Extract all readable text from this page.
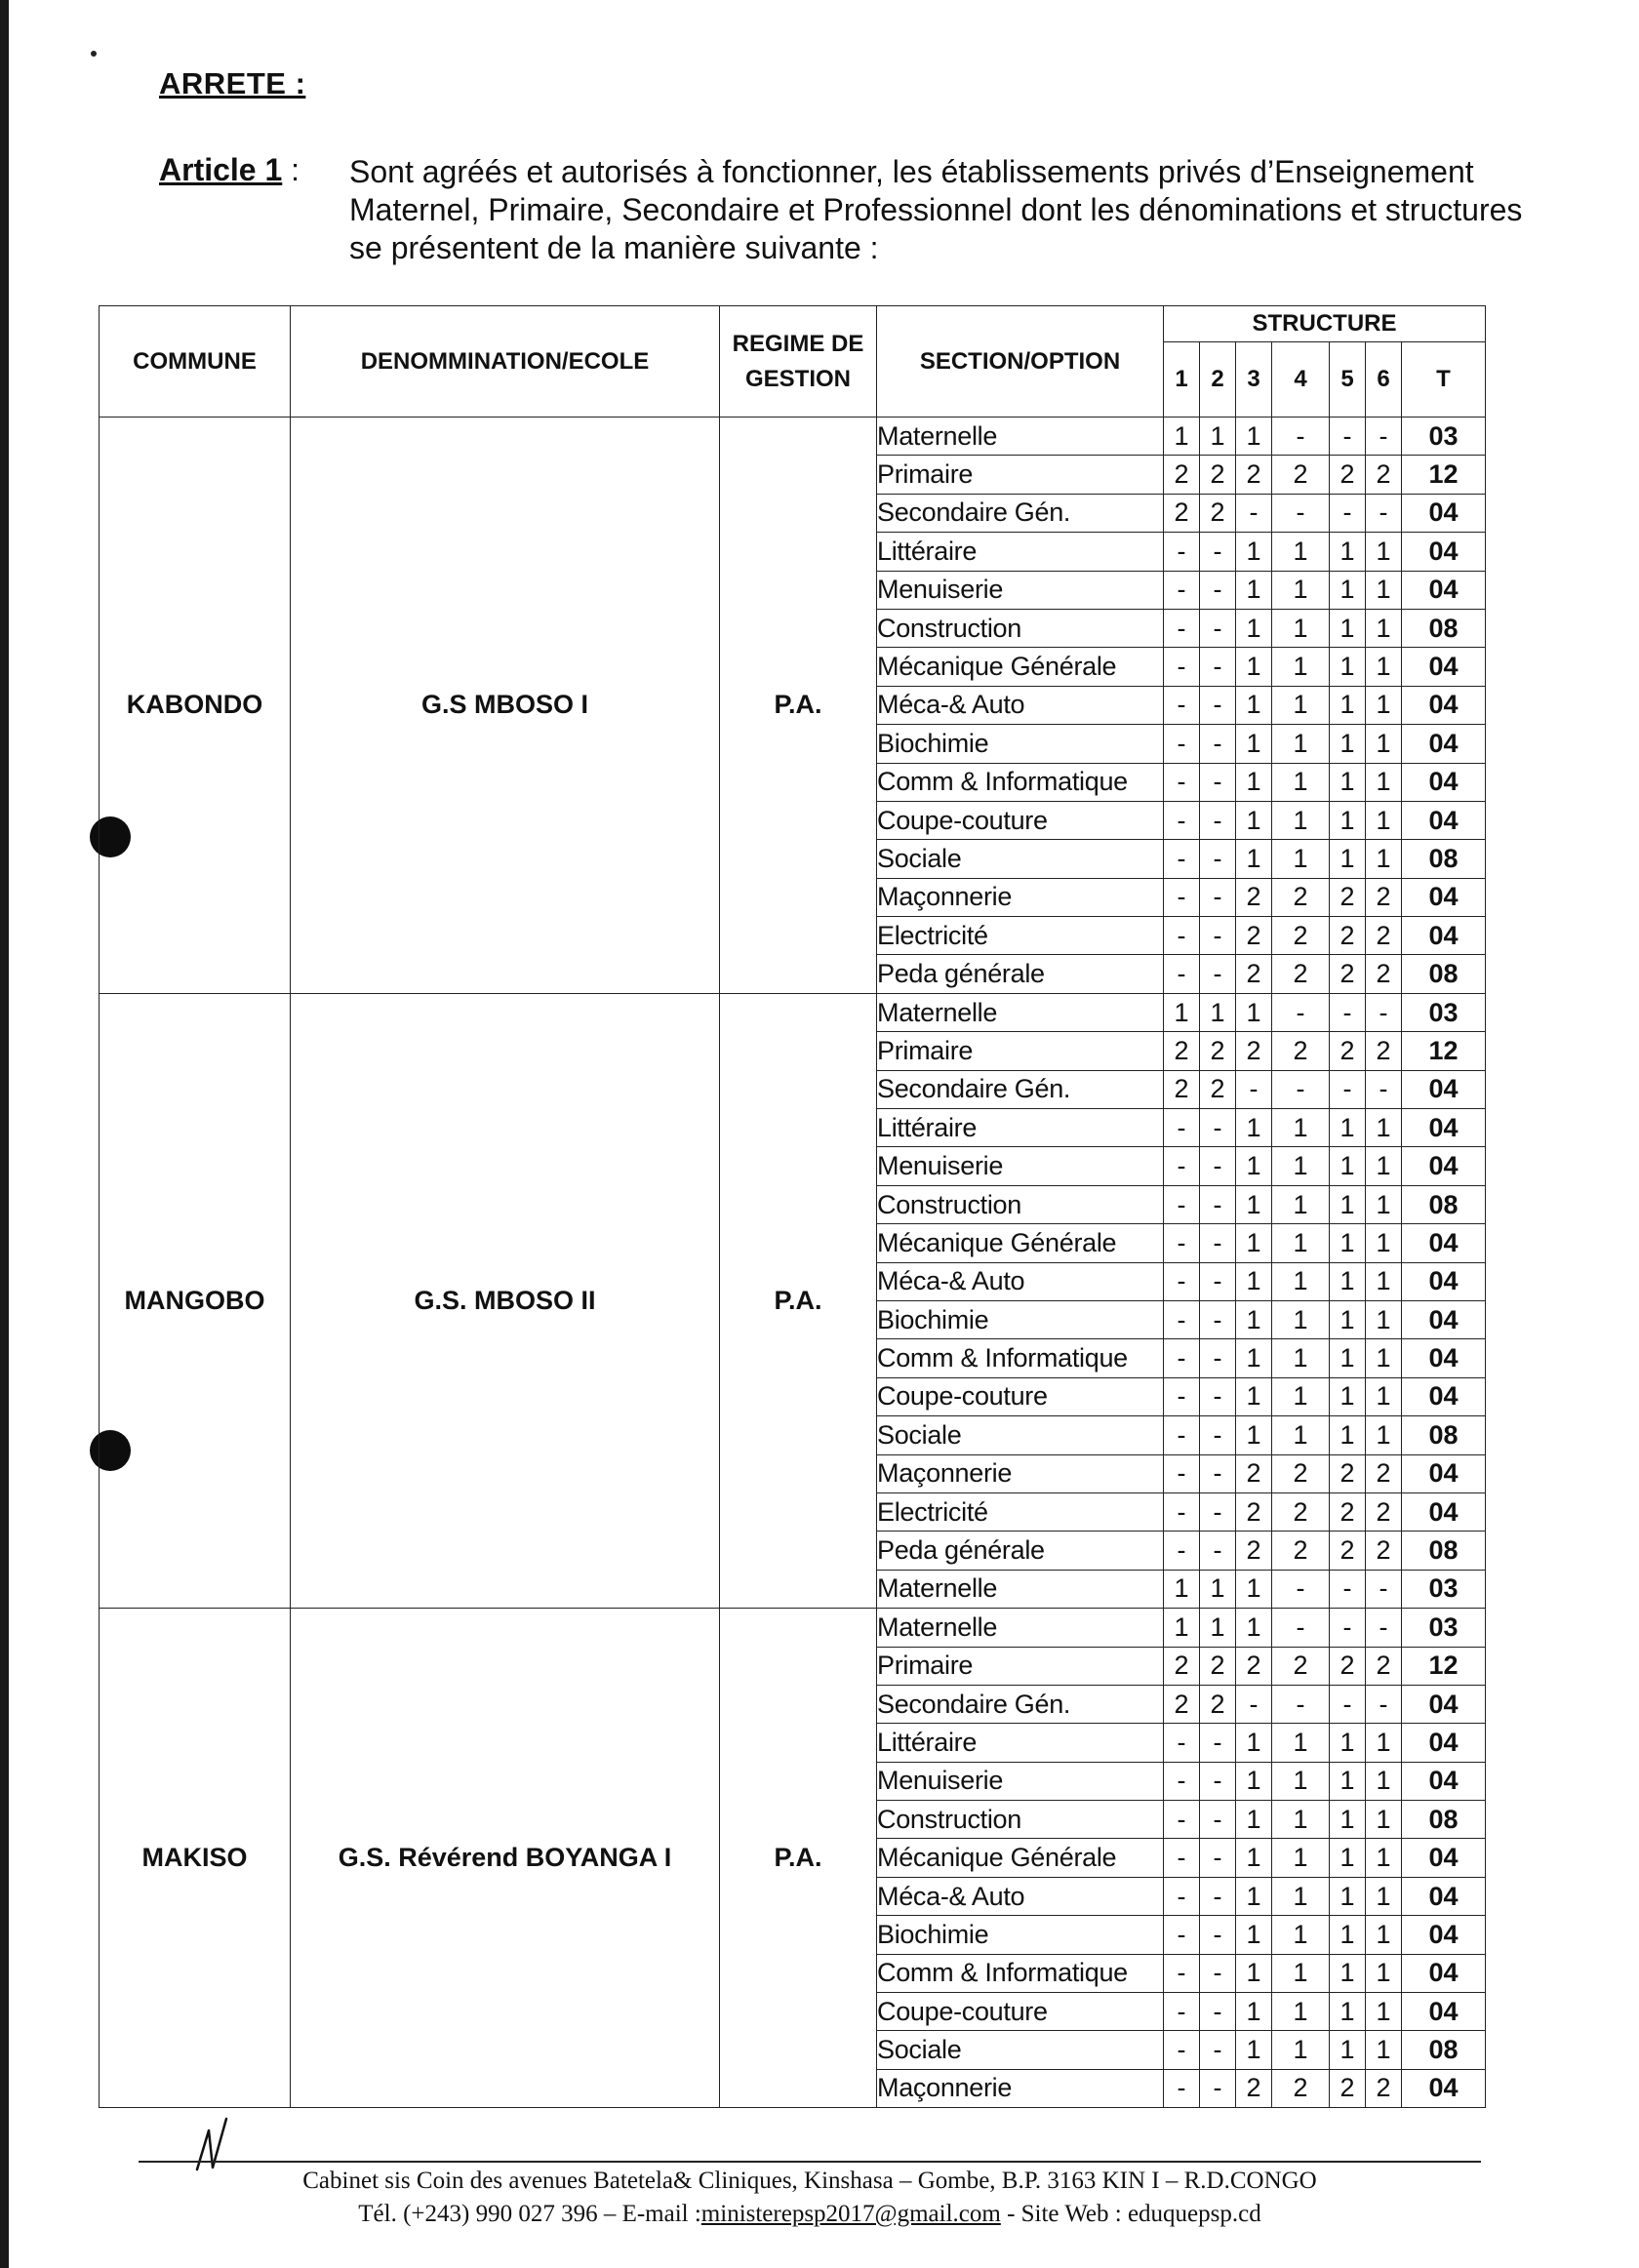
ARRETE :
Article 1 : Sont agréés et autorisés à fonctionner, les établissements privés d’Enseignement Maternel, Primaire, Secondaire et Professionnel dont les dénominations et structures se présentent de la manière suivante :
COMMUNE	DENOMMINATION/ECOLE	REGIME DE GESTION	SECTION/OPTION	STRUCTURE						
				1	2	3	4	5	6	T
KABONDO	G.S MBOSO I	P.A.	Maternelle	1	1	1	-	-	-	03
			Primaire	2	2	2	2	2	2	12
			Secondaire Gén.	2	2	-	-	-	-	04
			Littéraire	-	-	1	1	1	1	04
			Menuiserie	-	-	1	1	1	1	04
			Construction	-	-	1	1	1	1	08
			Mécanique Générale	-	-	1	1	1	1	04
			Méca-& Auto	-	-	1	1	1	1	04
			Biochimie	-	-	1	1	1	1	04
			Comm & Informatique	-	-	1	1	1	1	04
			Coupe-couture	-	-	1	1	1	1	04
			Sociale	-	-	1	1	1	1	08
			Maçonnerie	-	-	2	2	2	2	04
			Electricité	-	-	2	2	2	2	04
			Peda générale	-	-	2	2	2	2	08
MANGOBO	G.S. MBOSO II	P.A.	Maternelle	1	1	1	-	-	-	03
			Primaire	2	2	2	2	2	2	12
			Secondaire Gén.	2	2	-	-	-	-	04
			Littéraire	-	-	1	1	1	1	04
			Menuiserie	-	-	1	1	1	1	04
			Construction	-	-	1	1	1	1	08
			Mécanique Générale	-	-	1	1	1	1	04
			Méca-& Auto	-	-	1	1	1	1	04
			Biochimie	-	-	1	1	1	1	04
			Comm & Informatique	-	-	1	1	1	1	04
			Coupe-couture	-	-	1	1	1	1	04
			Sociale	-	-	1	1	1	1	08
			Maçonnerie	-	-	2	2	2	2	04
			Electricité	-	-	2	2	2	2	04
			Peda générale	-	-	2	2	2	2	08
			Maternelle	1	1	1	-	-	-	03
MAKISO	G.S. Révérend BOYANGA I	P.A.	Maternelle	1	1	1	-	-	-	03
			Primaire	2	2	2	2	2	2	12
			Secondaire Gén.	2	2	-	-	-	-	04
			Littéraire	-	-	1	1	1	1	04
			Menuiserie	-	-	1	1	1	1	04
			Construction	-	-	1	1	1	1	08
			Mécanique Générale	-	-	1	1	1	1	04
			Méca-& Auto	-	-	1	1	1	1	04
			Biochimie	-	-	1	1	1	1	04
			Comm & Informatique	-	-	1	1	1	1	04
			Coupe-couture	-	-	1	1	1	1	04
			Sociale	-	-	1	1	1	1	08
			Maçonnerie	-	-	2	2	2	2	04
Cabinet sis Coin des avenues Batetela& Cliniques, Kinshasa – Gombe, B.P. 3163 KIN I – R.D.CONGO
Tél. (+243) 990 027 396 – E-mail :ministerepsp2017@gmail.com - Site Web : eduquepsp.cd
